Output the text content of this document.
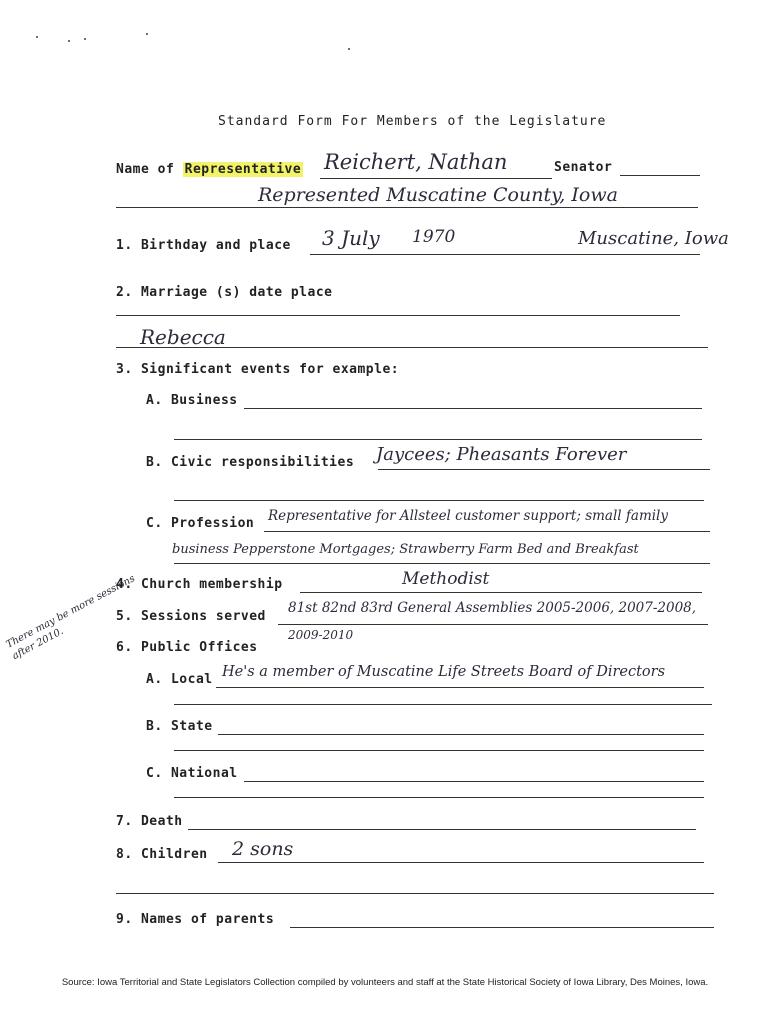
Standard Form For Members of the Legislature
Name of Representative Reichert, Nathan	Senator
Represented Muscatine County, Iowa
1. Birthday and place 3 July 1970	Muscatine, Iowa
2. Marriage (s) date place
Rebecca
3. Significant events for example:
A. Business
B. Civic responsibilities Jaycees; Pheasants Forever
C. Profession Representative for Allsteel customer support; small family
business Pepperstone Mortgages; Strawberry Farm Bed and Breakfast
4. Church membership	Methodist
5. Sessions served
81st 82nd 83rd General Assemblies 2005-2006, 2007-2008,
2009-2010
There may be more sessions after 2010.	6. Public Offices
A. Local He's a member of Muscatine Life Streets Board of Directors
B. State
C. National
7. Death
8. Children 2 sons
9. Names of parents
Source: Iowa Territorial and State Legislators Collection compiled by volunteers and staff at the State Historical Society of Iowa Library, Des Moines, Iowa.
